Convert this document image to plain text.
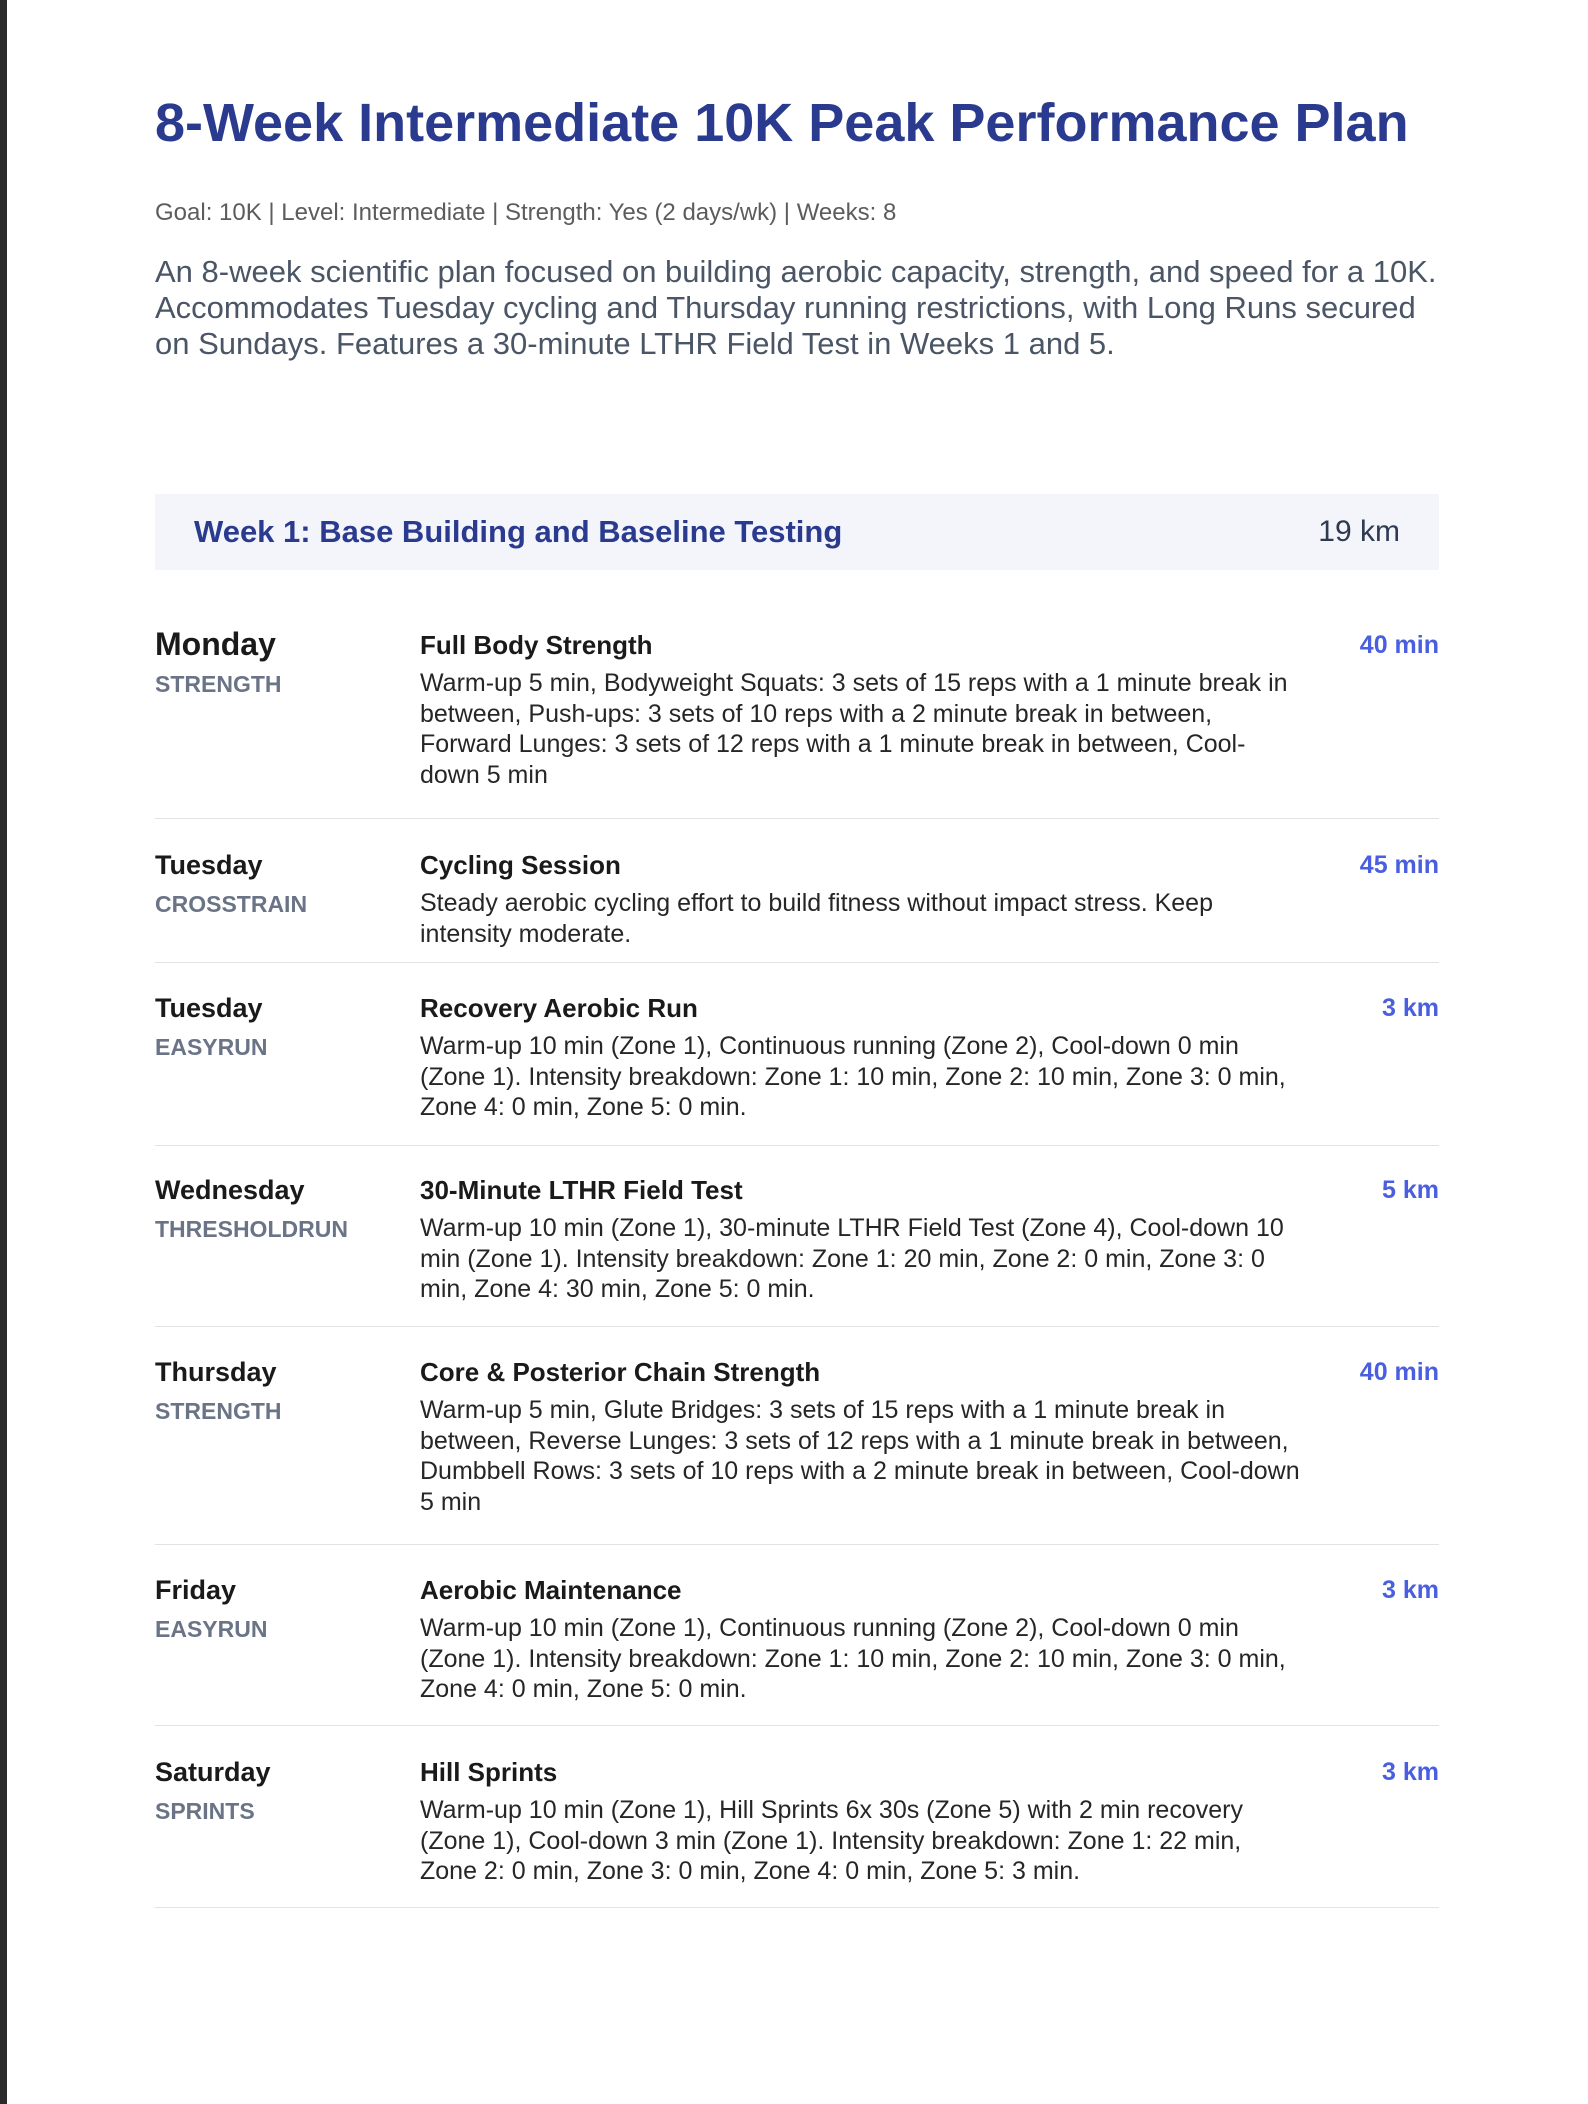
8-Week Intermediate 10K Peak Performance Plan
Goal: 10K | Level: Intermediate | Strength: Yes (2 days/wk) | Weeks: 8
An 8-week scientific plan focused on building aerobic capacity, strength, and speed for a 10K. Accommodates Tuesday cycling and Thursday running restrictions, with Long Runs secured on Sundays. Features a 30-minute LTHR Field Test in Weeks 1 and 5.
Week 1: Base Building and Baseline Testing	19 km
Monday
STRENGTH
Full Body Strength
Warm-up 5 min, Bodyweight Squats: 3 sets of 15 reps with a 1 minute break in between, Push-ups: 3 sets of 10 reps with a 2 minute break in between, Forward Lunges: 3 sets of 12 reps with a 1 minute break in between, Cool-down 5 min
40 min
Tuesday
CROSSTRAIN
Cycling Session
Steady aerobic cycling effort to build fitness without impact stress. Keep intensity moderate.
45 min
Tuesday
EASYRUN
Recovery Aerobic Run
Warm-up 10 min (Zone 1), Continuous running (Zone 2), Cool-down 0 min (Zone 1). Intensity breakdown: Zone 1: 10 min, Zone 2: 10 min, Zone 3: 0 min, Zone 4: 0 min, Zone 5: 0 min.
3 km
Wednesday
THRESHOLDRUN
30-Minute LTHR Field Test
Warm-up 10 min (Zone 1), 30-minute LTHR Field Test (Zone 4), Cool-down 10 min (Zone 1). Intensity breakdown: Zone 1: 20 min, Zone 2: 0 min, Zone 3: 0 min, Zone 4: 30 min, Zone 5: 0 min.
5 km
Thursday
STRENGTH
Core & Posterior Chain Strength
Warm-up 5 min, Glute Bridges: 3 sets of 15 reps with a 1 minute break in between, Reverse Lunges: 3 sets of 12 reps with a 1 minute break in between, Dumbbell Rows: 3 sets of 10 reps with a 2 minute break in between, Cool-down 5 min
40 min
Friday
EASYRUN
Aerobic Maintenance
Warm-up 10 min (Zone 1), Continuous running (Zone 2), Cool-down 0 min (Zone 1). Intensity breakdown: Zone 1: 10 min, Zone 2: 10 min, Zone 3: 0 min, Zone 4: 0 min, Zone 5: 0 min.
3 km
Saturday
SPRINTS
Hill Sprints
Warm-up 10 min (Zone 1), Hill Sprints 6x 30s (Zone 5) with 2 min recovery (Zone 1), Cool-down 3 min (Zone 1). Intensity breakdown: Zone 1: 22 min, Zone 2: 0 min, Zone 3: 0 min, Zone 4: 0 min, Zone 5: 3 min.
3 km
